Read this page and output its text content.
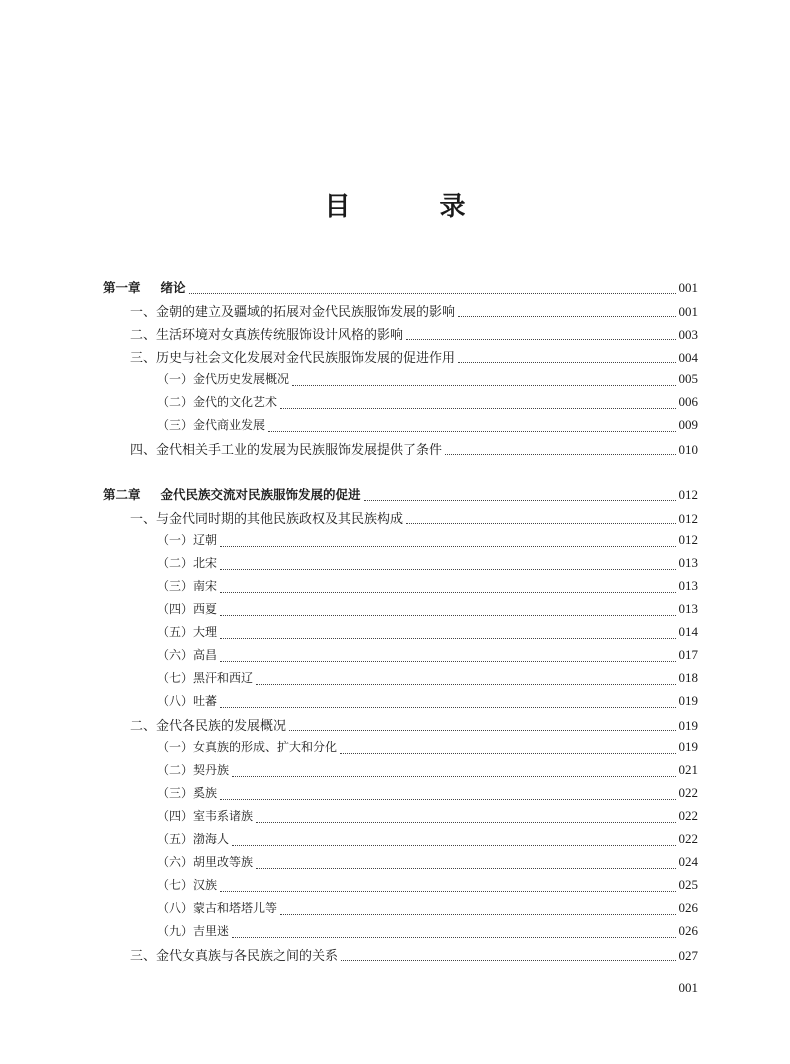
目 录
第一章 绪论	001
一、金朝的建立及疆域的拓展对金代民族服饰发展的影响	001
二、生活环境对女真族传统服饰设计风格的影响	003
三、历史与社会文化发展对金代民族服饰发展的促进作用	004
（一）金代历史发展概况	005
（二）金代的文化艺术	006
（三）金代商业发展	009
四、金代相关手工业的发展为民族服饰发展提供了条件	010
第二章 金代民族交流对民族服饰发展的促进	012
一、与金代同时期的其他民族政权及其民族构成	012
（一）辽朝	012
（二）北宋	013
（三）南宋	013
（四）西夏	013
（五）大理	014
（六）高昌	017
（七）黑汗和西辽	018
（八）吐蕃	019
二、金代各民族的发展概况	019
（一）女真族的形成、扩大和分化	019
（二）契丹族	021
（三）奚族	022
（四）室韦系诸族	022
（五）渤海人	022
（六）胡里改等族	024
（七）汉族	025
（八）蒙古和塔塔儿等	026
（九）吉里迷	026
三、金代女真族与各民族之间的关系	027
001
